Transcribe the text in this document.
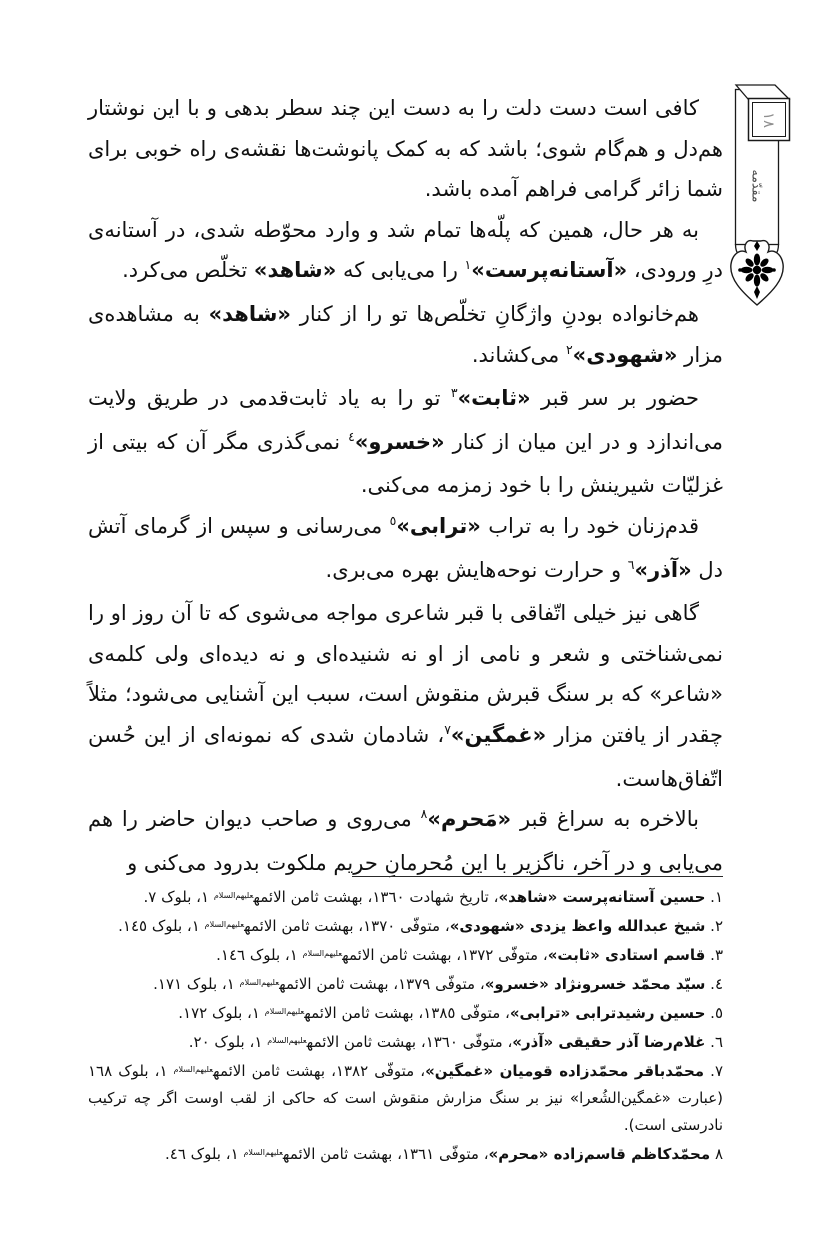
۱۸
مقدّمه

کافی است دست دلت را به دست این چند سطر بدهی و با این نوشتار هم‌دل و هم‌گام شوی؛ باشد که به کمک پانوشت‌ها نقشه‌ی راه خوبی برای شما زائر گرامی فراهم آمده باشد.

به هر حال، همین که پلّه‌ها تمام شد و وارد محوّطه شدی، در آستانه‌ی درِ ورودی، «آستانه‌پرست»$^١$ را می‌یابی که «شاهد» تخلّص می‌کرد.

هم‌خانواده بودنِ واژگانِ تخلّص‌ها تو را از کنار «شاهد» به مشاهده‌ی مزار «شهودی»$^٢$ می‌کشاند.

حضور بر سر قبر «ثابت»$^٣$ تو را به یاد ثابت‌قدمی در طریق ولایت می‌اندازد و در این میان از کنار «خسرو»$^٤$ نمی‌گذری مگر آن که بیتی از غزلیّات شیرینش را با خود زمزمه می‌کنی.

قدم‌زنان خود را به تراب «ترابی»$^٥$ می‌رسانی و سپس از گرمای آتش دل «آذر»$^٦$ و حرارت نوحه‌هایش بهره می‌بری.

گاهی نیز خیلی اتّفاقی با قبر شاعری مواجه می‌شوی که تا آن روز او را نمی‌شناختی و شعر و نامی از او نه شنیده‌ای و نه دیده‌ای ولی کلمه‌ی «شاعر» که بر سنگ قبرش منقوش است، سبب این آشنایی می‌شود؛ مثلاً چقدر از یافتن مزار «غمگین»$^٧$، شادمان شدی که نمونه‌ای از این حُسن اتّفاق‌هاست.

بالاخره به سراغ قبر «مَحرم»$^٨$ می‌روی و صاحب دیوان حاضر را هم می‌یابی و در آخر، ناگزیر با این مُحرمانِ حریم ملکوت بدرود می‌کنی و

١. حسین آستانه‌پرست «شاهد»، تاریخ شهادت ١٣٦٠، بهشت ثامن الائمه$^{علیهم‌السلام}$ ١، بلوک ٧.
٢. شیخ عبدالله واعظ یزدی «شهودی»، متوفّی ١٣٧٠، بهشت ثامن الائمه$^{علیهم‌السلام}$ ١، بلوک ١٤٥.
٣. قاسم استادی «ثابت»، متوفّی ١٣٧٢، بهشت ثامن الائمه$^{علیهم‌السلام}$ ١، بلوک ١٤٦.
٤. سیّد محمّد خسرونژاد «خسرو»، متوفّی ١٣٧٩، بهشت ثامن الائمه$^{علیهم‌السلام}$ ١، بلوک ١٧١.
٥. حسین رشیدترابی «ترابی»، متوفّی ١٣٨٥، بهشت ثامن الائمه$^{علیهم‌السلام}$ ١، بلوک ١٧٢.
٦. غلام‌رضا آذر حقیقی «آذر»، متوفّی ١٣٦٠، بهشت ثامن الائمه$^{علیهم‌السلام}$ ١، بلوک ٢٠.
٧. محمّدباقر محمّدزاده قومیان «غمگین»، متوفّی ١٣٨٢، بهشت ثامن الائمه$^{علیهم‌السلام}$ ١، بلوک ١٦٨ (عبارت «غمگین‌الشُعرا» نیز بر سنگ مزارش منقوش است که حاکی از لقب اوست اگر چه ترکیب نادرستی است).
٨ محمّدکاظم قاسم‌زاده «محرم»، متوفّی ١٣٦١، بهشت ثامن الائمه$^{علیهم‌السلام}$ ١، بلوک ٤٦.
